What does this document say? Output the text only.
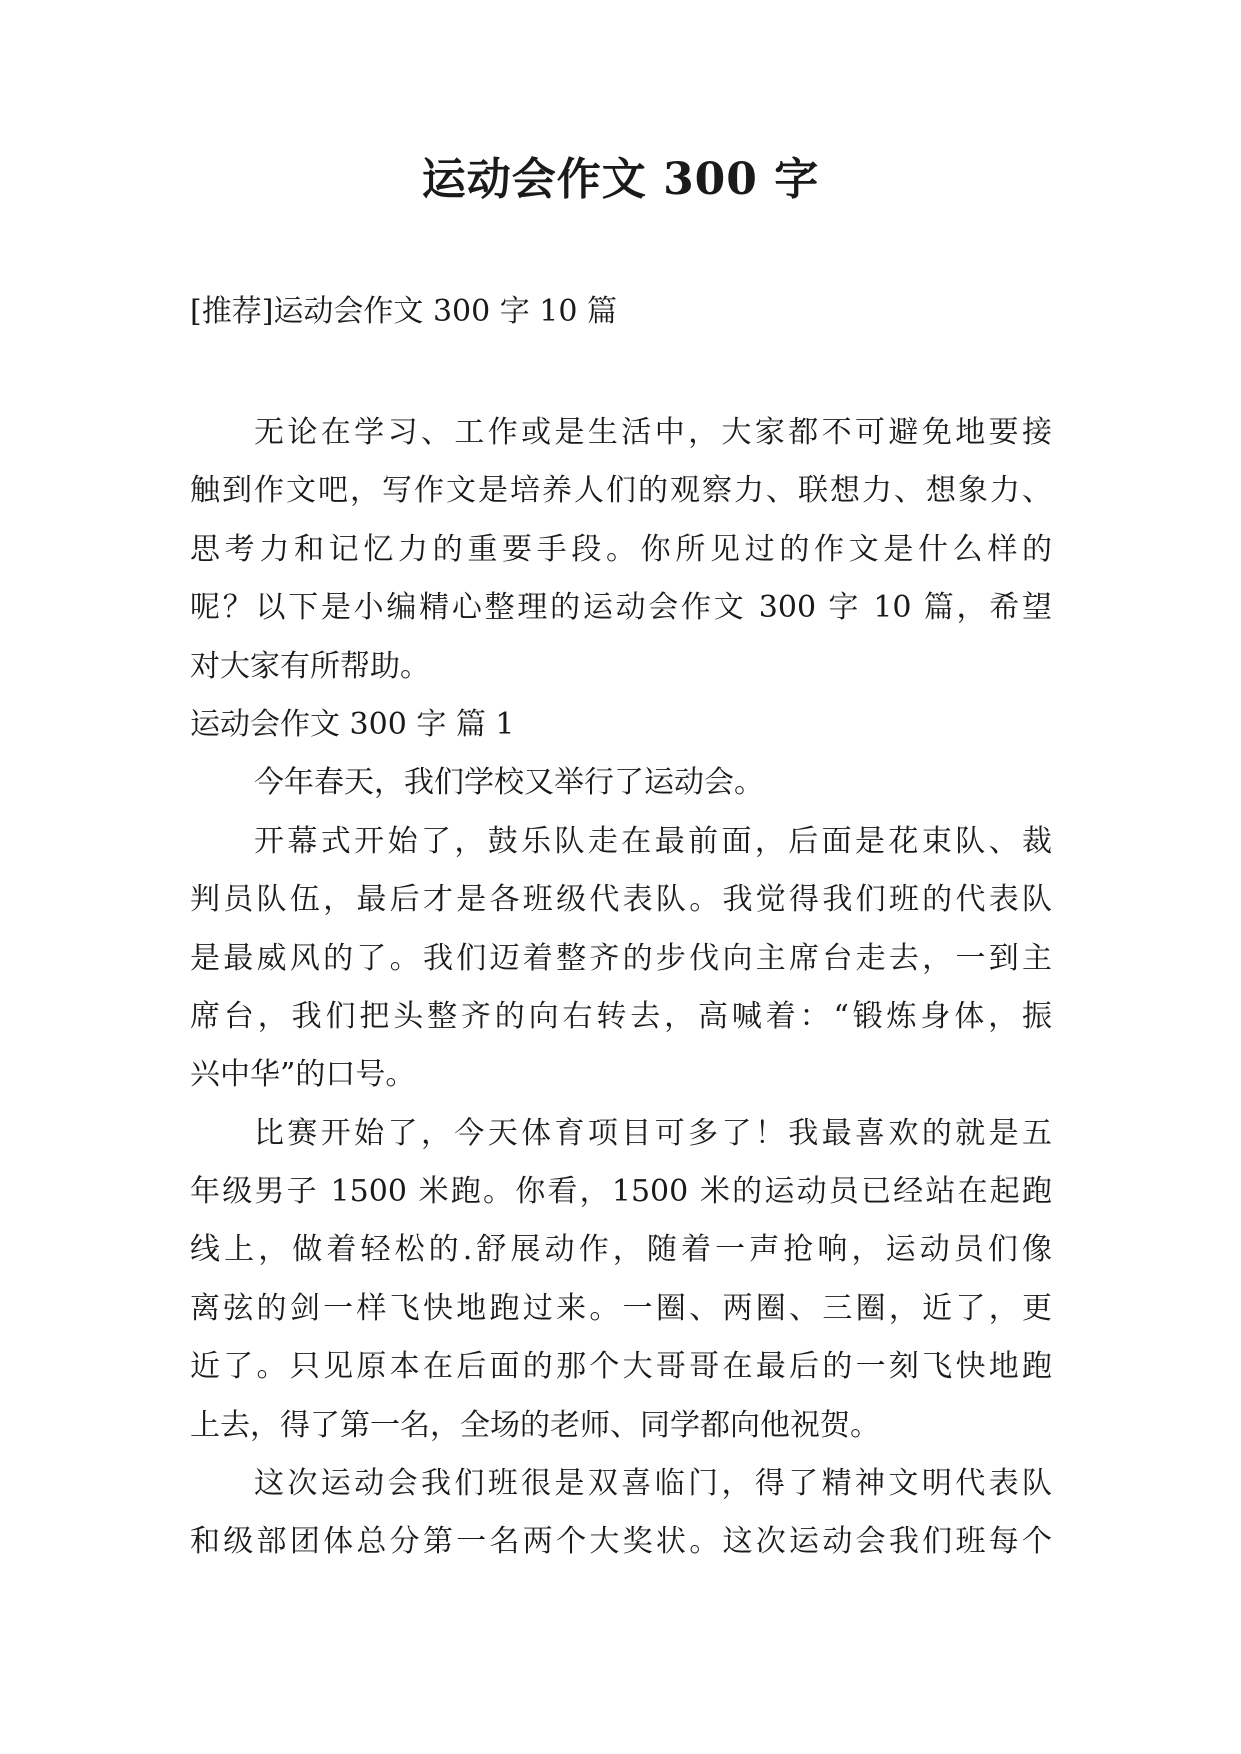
运动会作文 300 字
[推荐]运动会作文 300 字 10 篇
无论在学习、工作或是生活中，大家都不可避免地要接
触到作文吧，写作文是培养人们的观察力、联想力、想象力、
思考力和记忆力的重要手段。你所见过的作文是什么样的
呢？以下是小编精心整理的运动会作文 300 字 10 篇，希望
对大家有所帮助。
运动会作文 300 字 篇 1
今年春天，我们学校又举行了运动会。
开幕式开始了，鼓乐队走在最前面，后面是花束队、裁
判员队伍，最后才是各班级代表队。我觉得我们班的代表队
是最威风的了。我们迈着整齐的步伐向主席台走去，一到主
席台，我们把头整齐的向右转去，高喊着：“锻炼身体，振
兴中华”的口号。
比赛开始了，今天体育项目可多了！我最喜欢的就是五
年级男子 1500 米跑。你看，1500 米的运动员已经站在起跑
线上，做着轻松的.舒展动作，随着一声抢响，运动员们像
离弦的剑一样飞快地跑过来。一圈、两圈、三圈，近了，更
近了。只见原本在后面的那个大哥哥在最后的一刻飞快地跑
上去，得了第一名，全场的老师、同学都向他祝贺。
这次运动会我们班很是双喜临门，得了精神文明代表队
和级部团体总分第一名两个大奖状。这次运动会我们班每个
